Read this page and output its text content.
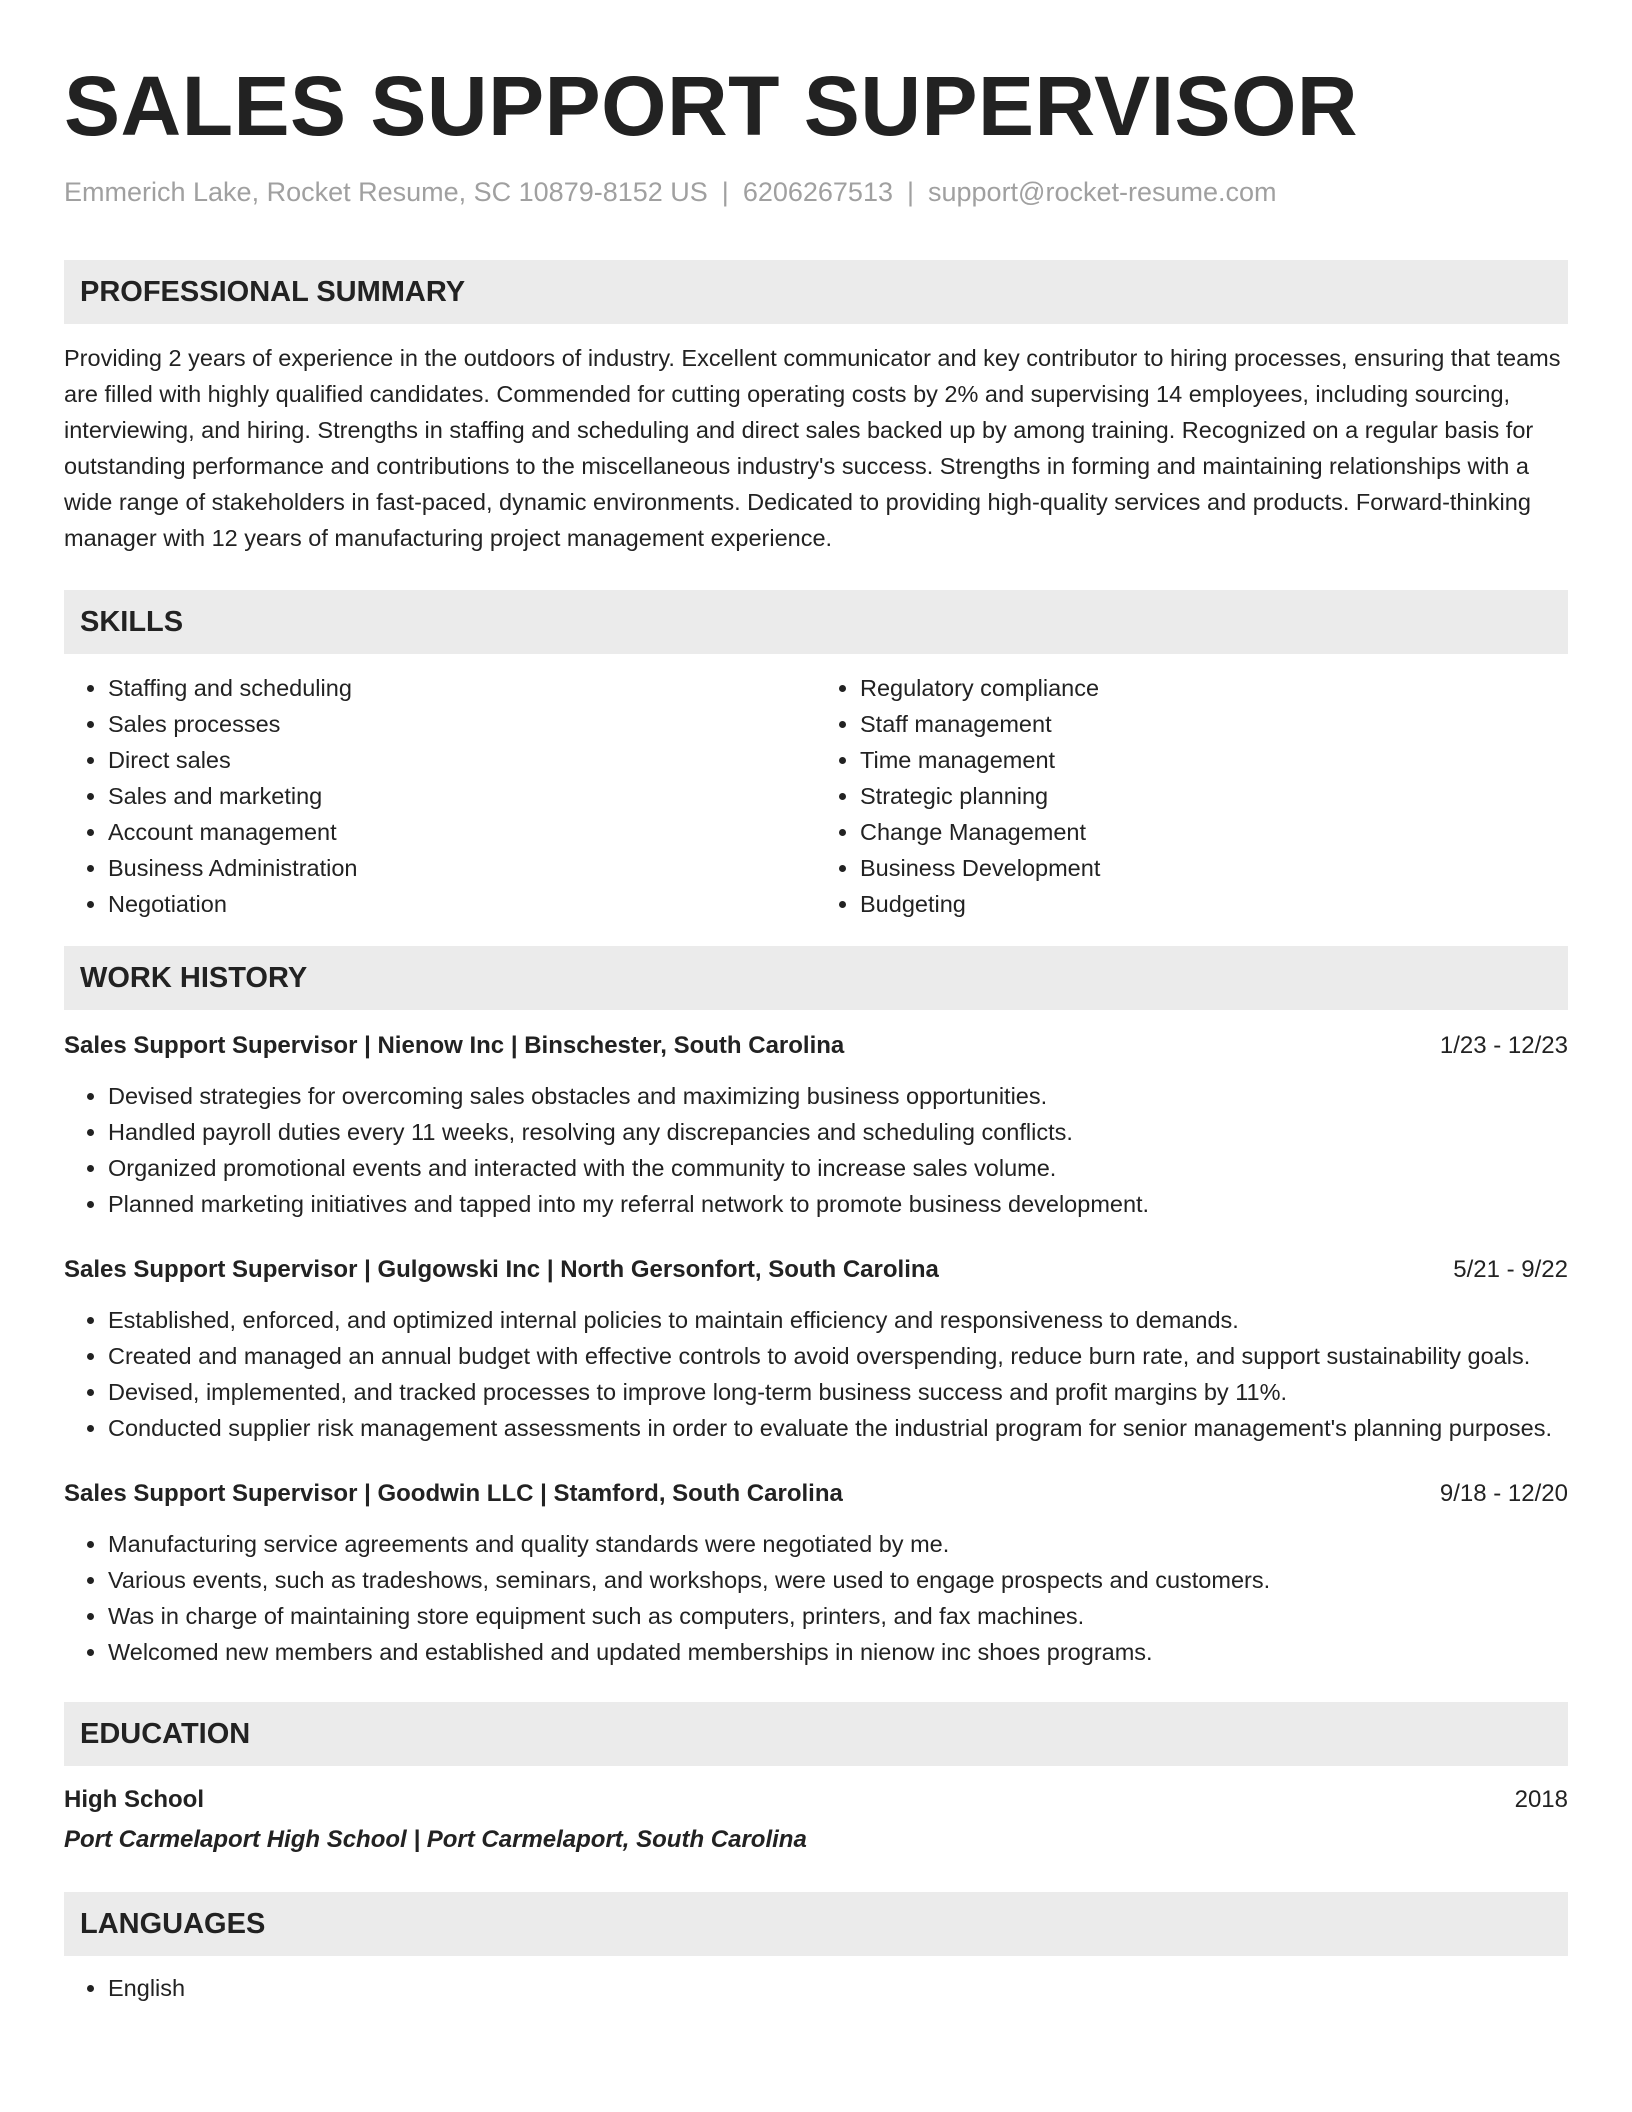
SALES SUPPORT SUPERVISOR
Emmerich Lake, Rocket Resume, SC 10879-8152 US | 6206267513 | support@rocket-resume.com
PROFESSIONAL SUMMARY
Providing 2 years of experience in the outdoors of industry. Excellent communicator and key contributor to hiring processes, ensuring that teams are filled with highly qualified candidates. Commended for cutting operating costs by 2% and supervising 14 employees, including sourcing, interviewing, and hiring. Strengths in staffing and scheduling and direct sales backed up by among training. Recognized on a regular basis for outstanding performance and contributions to the miscellaneous industry's success. Strengths in forming and maintaining relationships with a wide range of stakeholders in fast-paced, dynamic environments. Dedicated to providing high-quality services and products. Forward-thinking manager with 12 years of manufacturing project management experience.
SKILLS
• Staffing and scheduling
• Sales processes
• Direct sales
• Sales and marketing
• Account management
• Business Administration
• Negotiation
• Regulatory compliance
• Staff management
• Time management
• Strategic planning
• Change Management
• Business Development
• Budgeting
WORK HISTORY
Sales Support Supervisor | Nienow Inc | Binschester, South Carolina	1/23 - 12/23
• Devised strategies for overcoming sales obstacles and maximizing business opportunities.
• Handled payroll duties every 11 weeks, resolving any discrepancies and scheduling conflicts.
• Organized promotional events and interacted with the community to increase sales volume.
• Planned marketing initiatives and tapped into my referral network to promote business development.
Sales Support Supervisor | Gulgowski Inc | North Gersonfort, South Carolina	5/21 - 9/22
• Established, enforced, and optimized internal policies to maintain efficiency and responsiveness to demands.
• Created and managed an annual budget with effective controls to avoid overspending, reduce burn rate, and support sustainability goals.
• Devised, implemented, and tracked processes to improve long-term business success and profit margins by 11%.
• Conducted supplier risk management assessments in order to evaluate the industrial program for senior management's planning purposes.
Sales Support Supervisor | Goodwin LLC | Stamford, South Carolina	9/18 - 12/20
• Manufacturing service agreements and quality standards were negotiated by me.
• Various events, such as tradeshows, seminars, and workshops, were used to engage prospects and customers.
• Was in charge of maintaining store equipment such as computers, printers, and fax machines.
• Welcomed new members and established and updated memberships in nienow inc shoes programs.
EDUCATION
High School	2018
Port Carmelaport High School | Port Carmelaport, South Carolina
LANGUAGES
• English
